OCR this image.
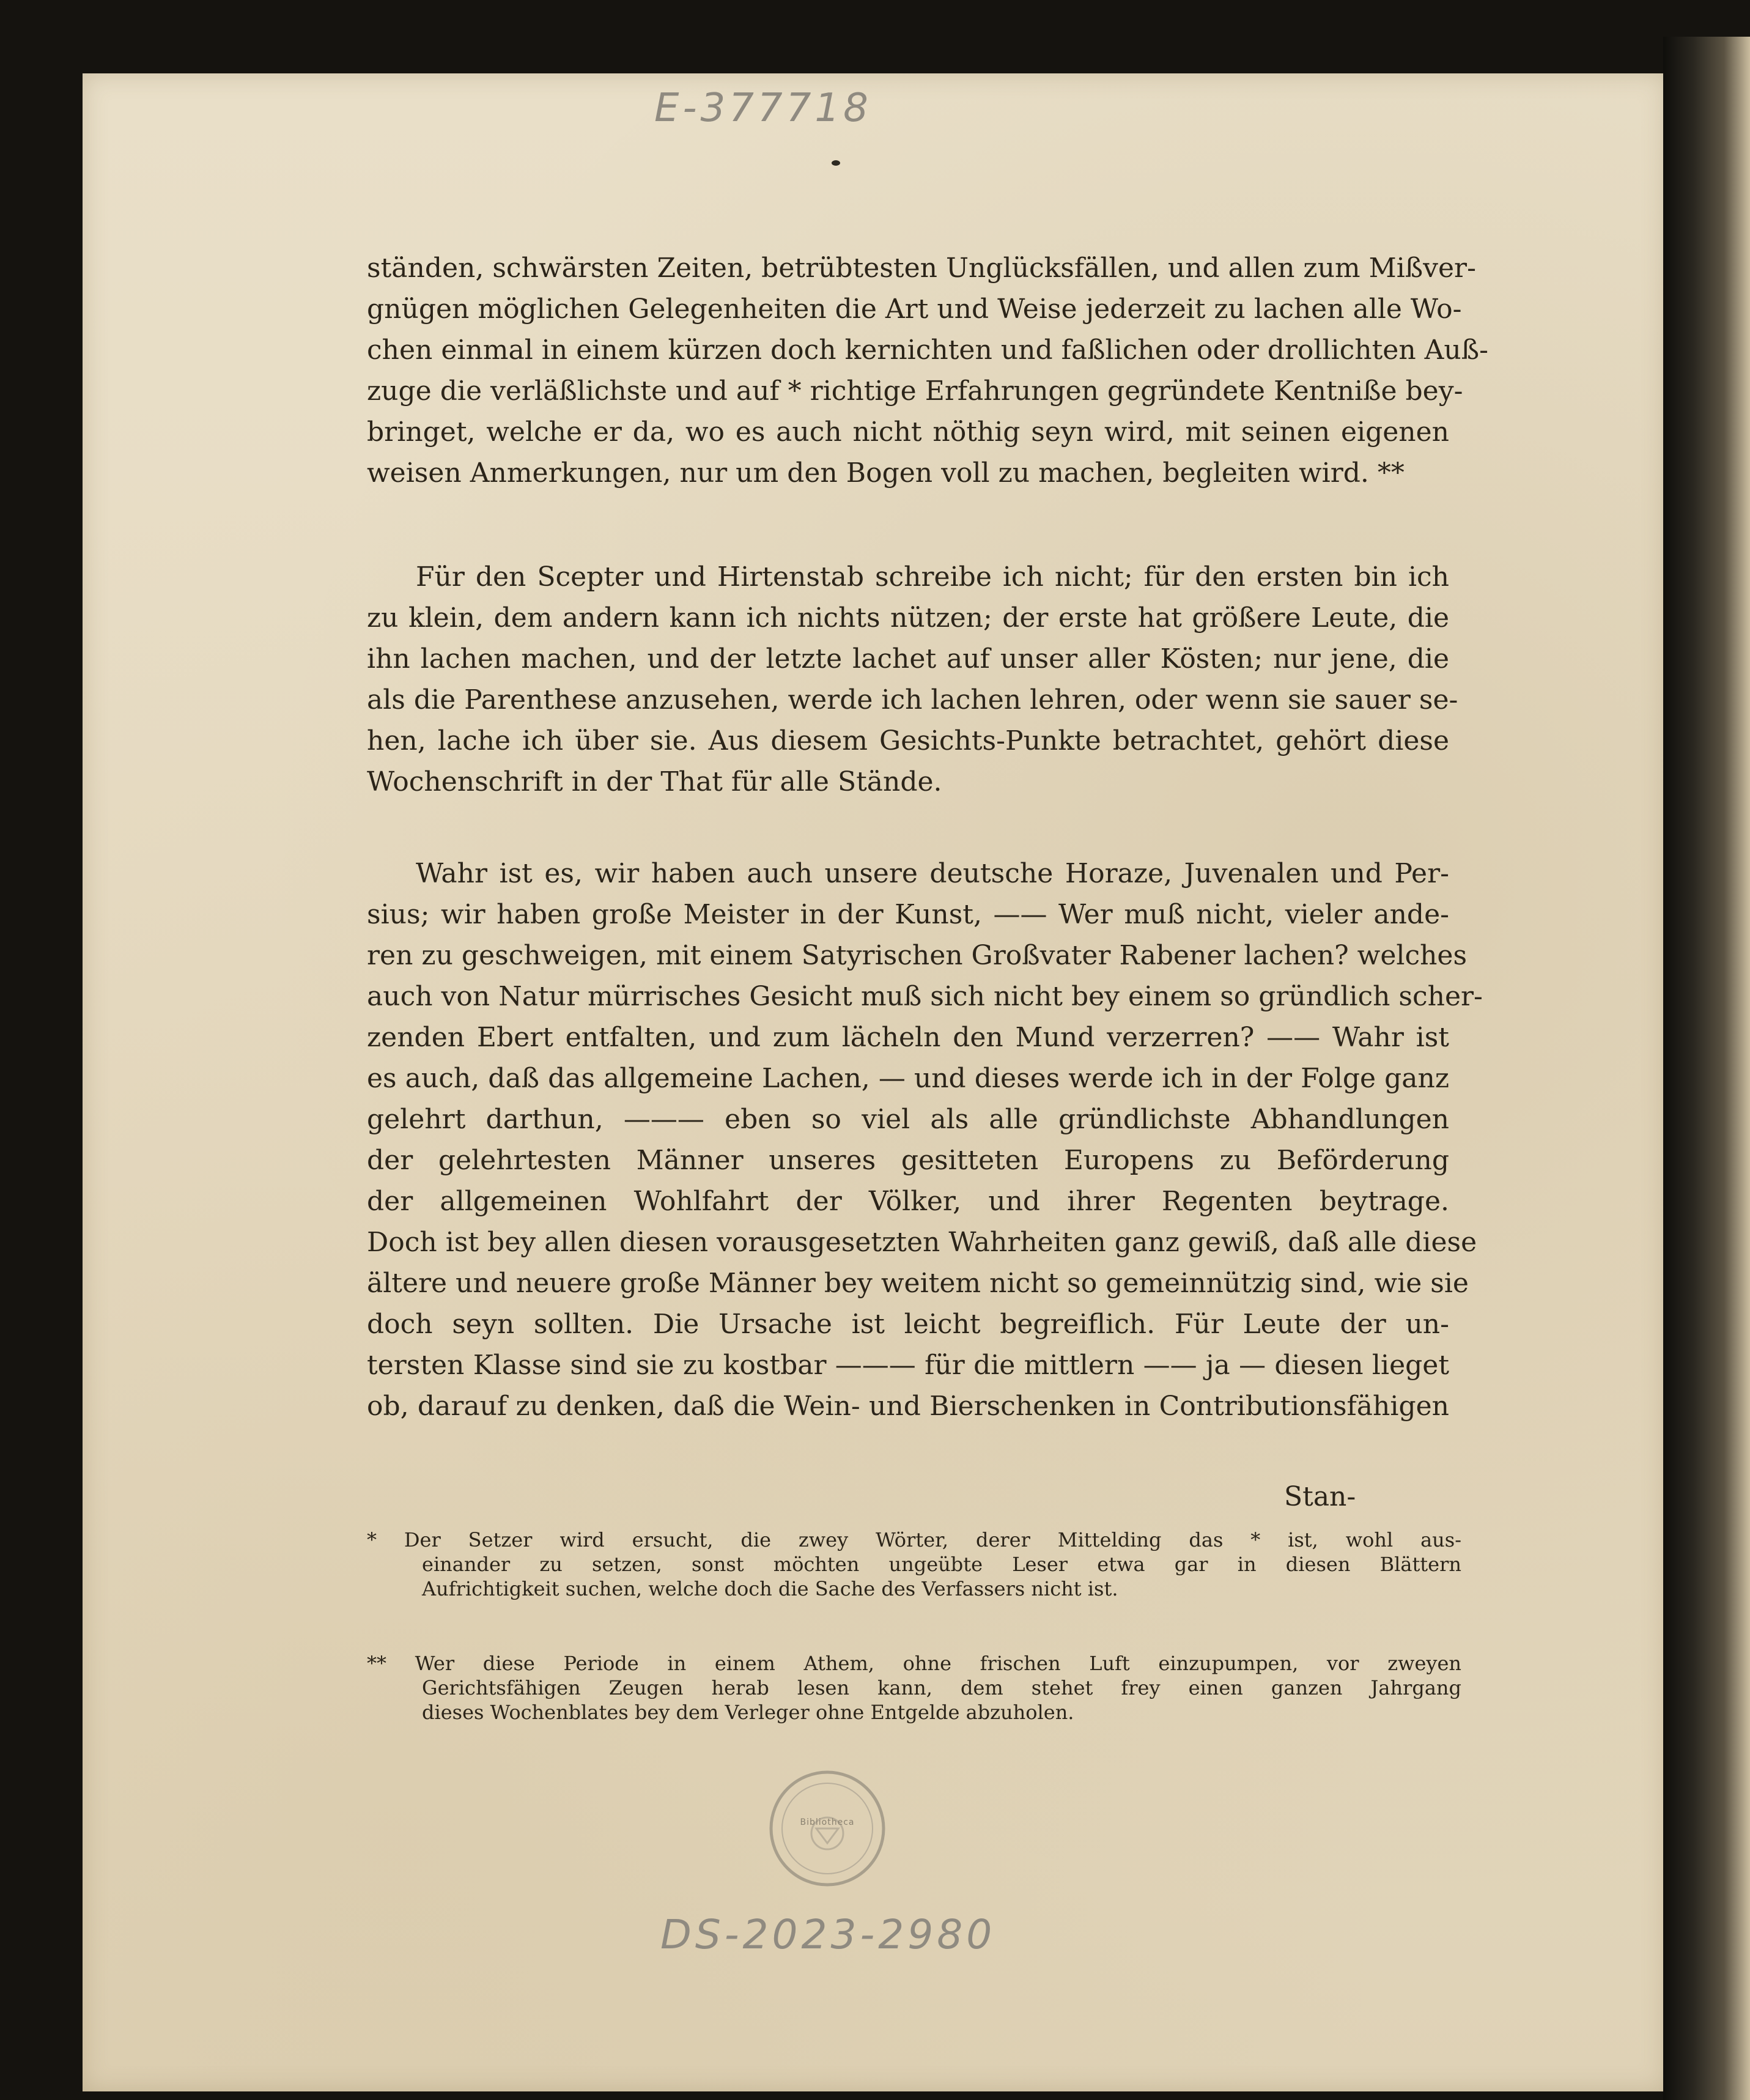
E-377718
ständen, schwärsten Zeiten, betrübtesten Unglücksfällen, und allen zum Mißver-
gnügen möglichen Gelegenheiten die Art und Weise jederzeit zu lachen alle Wo-
chen einmal in einem kürzen doch kernichten und faßlichen oder drollichten Auß-
zuge die verläßlichste und auf * richtige Erfahrungen gegründete Kentniße bey-
bringet, welche er da, wo es auch nicht nöthig seyn wird, mit seinen eigenen
weisen Anmerkungen, nur um den Bogen voll zu machen, begleiten wird. **
Für den Scepter und Hirtenstab schreibe ich nicht; für den ersten bin ich
zu klein, dem andern kann ich nichts nützen; der erste hat größere Leute, die
ihn lachen machen, und der letzte lachet auf unser aller Kösten; nur jene, die
als die Parenthese anzusehen, werde ich lachen lehren, oder wenn sie sauer se-
hen, lache ich über sie. Aus diesem Gesichts-Punkte betrachtet, gehört diese
Wochenschrift in der That für alle Stände.
Wahr ist es, wir haben auch unsere deutsche Horaze, Juvenalen und Per-
sius; wir haben große Meister in der Kunst, —— Wer muß nicht, vieler ande-
ren zu geschweigen, mit einem Satyrischen Großvater Rabener lachen? welches
auch von Natur mürrisches Gesicht muß sich nicht bey einem so gründlich scher-
zenden Ebert entfalten, und zum lächeln den Mund verzerren? —— Wahr ist
es auch, daß das allgemeine Lachen, — und dieses werde ich in der Folge ganz
gelehrt darthun, ——— eben so viel als alle gründlichste Abhandlungen
der gelehrtesten Männer unseres gesitteten Europens zu Beförderung
der allgemeinen Wohlfahrt der Völker, und ihrer Regenten beytrage.
Doch ist bey allen diesen vorausgesetzten Wahrheiten ganz gewiß, daß alle diese
ältere und neuere große Männer bey weitem nicht so gemeinnützig sind, wie sie
doch seyn sollten. Die Ursache ist leicht begreiflich. Für Leute der un-
tersten Klasse sind sie zu kostbar ——— für die mittlern —— ja — diesen lieget
ob, darauf zu denken, daß die Wein- und Bierschenken in Contributionsfähigen
Stan-
* Der Setzer wird ersucht, die zwey Wörter, derer Mittelding das * ist, wohl aus-
einander zu setzen, sonst möchten ungeübte Leser etwa gar in diesen Blättern
Aufrichtigkeit suchen, welche doch die Sache des Verfassers nicht ist.
** Wer diese Periode in einem Athem, ohne frischen Luft einzupumpen, vor zweyen
Gerichtsfähigen Zeugen herab lesen kann, dem stehet frey einen ganzen Jahrgang
dieses Wochenblates bey dem Verleger ohne Entgelde abzuholen.
Bibliotheca
DS-2023-2980
